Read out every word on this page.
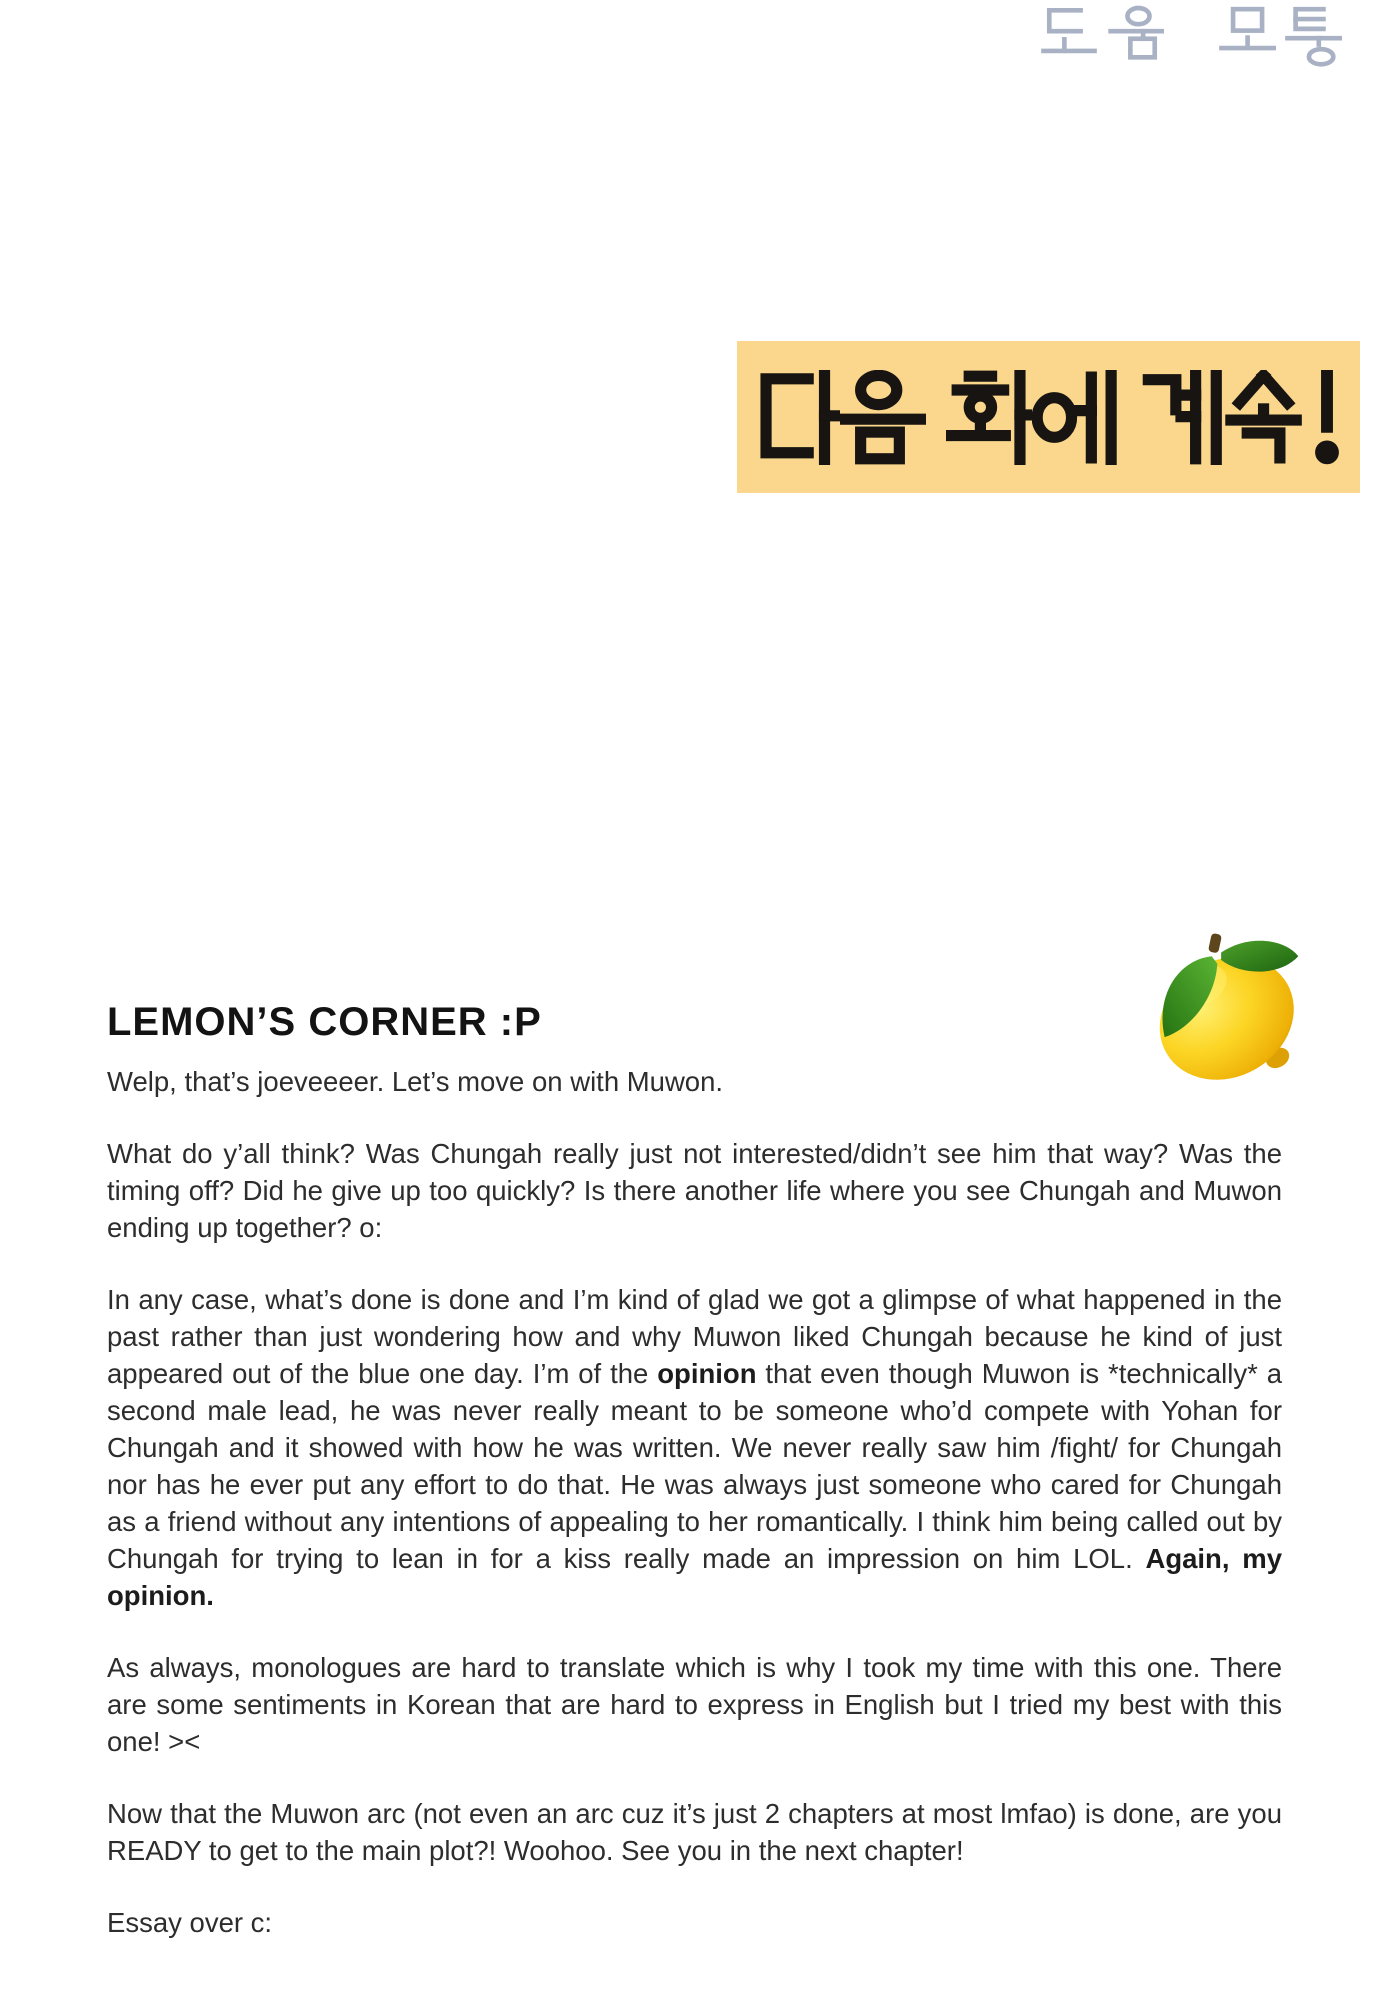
LEMON’S CORNER :P

Welp, that’s joeveeeer. Let’s move on with Muwon.

What do y’all think? Was Chungah really just not interested/didn’t see him that way? Was the timing off? Did he give up too quickly? Is there another life where you see Chungah and Muwon ending up together? o:

In any case, what’s done is done and I’m kind of glad we got a glimpse of what happened in the past rather than just wondering how and why Muwon liked Chungah because he kind of just appeared out of the blue one day. I’m of the opinion that even though Muwon is *technically* a second male lead, he was never really meant to be someone who’d compete with Yohan for Chungah and it showed with how he was written. We never really saw him /fight/ for Chungah nor has he ever put any effort to do that. He was always just someone who cared for Chungah as a friend without any intentions of appealing to her romantically. I think him being called out by Chungah for trying to lean in for a kiss really made an impression on him LOL. Again, my opinion.

As always, monologues are hard to translate which is why I took my time with this one. There are some sentiments in Korean that are hard to express in English but I tried my best with this one! ><

Now that the Muwon arc (not even an arc cuz it’s just 2 chapters at most lmfao) is done, are you READY to get to the main plot?! Woohoo. See you in the next chapter!

Essay over c:
